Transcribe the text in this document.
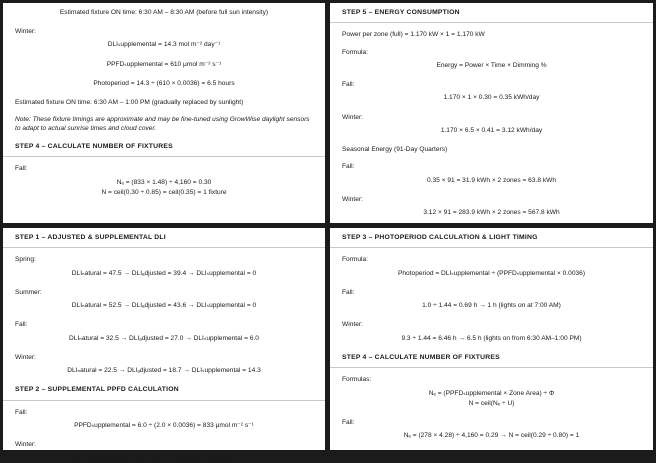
Estimated fixture ON time: 6:30 AM – 8:30 AM (before full sun intensity)

Winter:

DLIₛupplemental = 14.3 mol m⁻² day⁻¹

PPFDₛupplemental = 610 μmol m⁻² s⁻¹

Photoperiod = 14.3 ÷ (610 × 0.0036) = 6.5 hours

Estimated fixture ON time: 6:30 AM – 1:00 PM (gradually replaced by sunlight)

Note: These fixture timings are approximate and may be fine-tuned using GrowWise daylight sensors to adapt to actual sunrise times and cloud cover.

STEP 4 – CALCULATE NUMBER OF FIXTURES

Fall:

Nₑ = (833 × 1.48) ÷ 4,160 = 0.30

N = ceil(0.30 ÷ 0.85) = ceil(0.35) = 1 fixture

STEP 5 – ENERGY CONSUMPTION

Power per zone (full) = 1.170 kW × 1 = 1.170 kW

Formula:

Energy = Power × Time × Dimming %

Fall:

1.170 × 1 × 0.30 = 0.35 kWh/day

Winter:

1.170 × 6.5 × 0.41 = 3.12 kWh/day

Seasonal Energy (91-Day Quarters)

Fall:

0.35 × 91 = 31.9 kWh × 2 zones = 63.8 kWh

Winter:

3.12 × 91 = 283.9 kWh × 2 zones = 567.8 kWh

STEP 1 – ADJUSTED & SUPPLEMENTAL DLI

Spring:

DLIₙatural = 47.5 → DLIₐdjusted = 39.4 → DLIₛupplemental = 0

Summer:

DLIₙatural = 52.5 → DLIₐdjusted = 43.6 → DLIₛupplemental = 0

Fall:

DLIₙatural = 32.5 → DLIₐdjusted = 27.0 → DLIₛupplemental = 6.0

Winter:

DLIₙatural = 22.5 → DLIₐdjusted = 18.7 → DLIₛupplemental = 14.3

STEP 2 – SUPPLEMENTAL PPFD CALCULATION

Fall:

PPFDₛupplemental = 6.0 ÷ (2.0 × 0.0036) = 833 μmol m⁻² s⁻¹

Winter:

PPFDₛupplemental = 14.3 ÷ (6.5 × 0.0036) = 610 μmol m⁻² s⁻¹

STEP 3 – PHOTOPERIOD CALCULATION & LIGHT TIMING

Formula:

Photoperiod = DLIₛupplemental ÷ (PPFDₛupplemental × 0.0036)

Fall:

1.0 ÷ 1.44 = 0.69 h → 1 h (lights on at 7:00 AM)

Winter:

9.3 ÷ 1.44 = 6.46 h → 6.5 h (lights on from 6:30 AM–1:00 PM)

STEP 4 – CALCULATE NUMBER OF FIXTURES

Formulas:

Nₑ = (PPFDₛupplemental × Zone Area) ÷ Φ

N = ceil(Nₑ ÷ U)

Fall:

Nₑ = (278 × 4.28) ÷ 4,160 = 0.29 → N = ceil(0.29 ÷ 0.80) = 1
